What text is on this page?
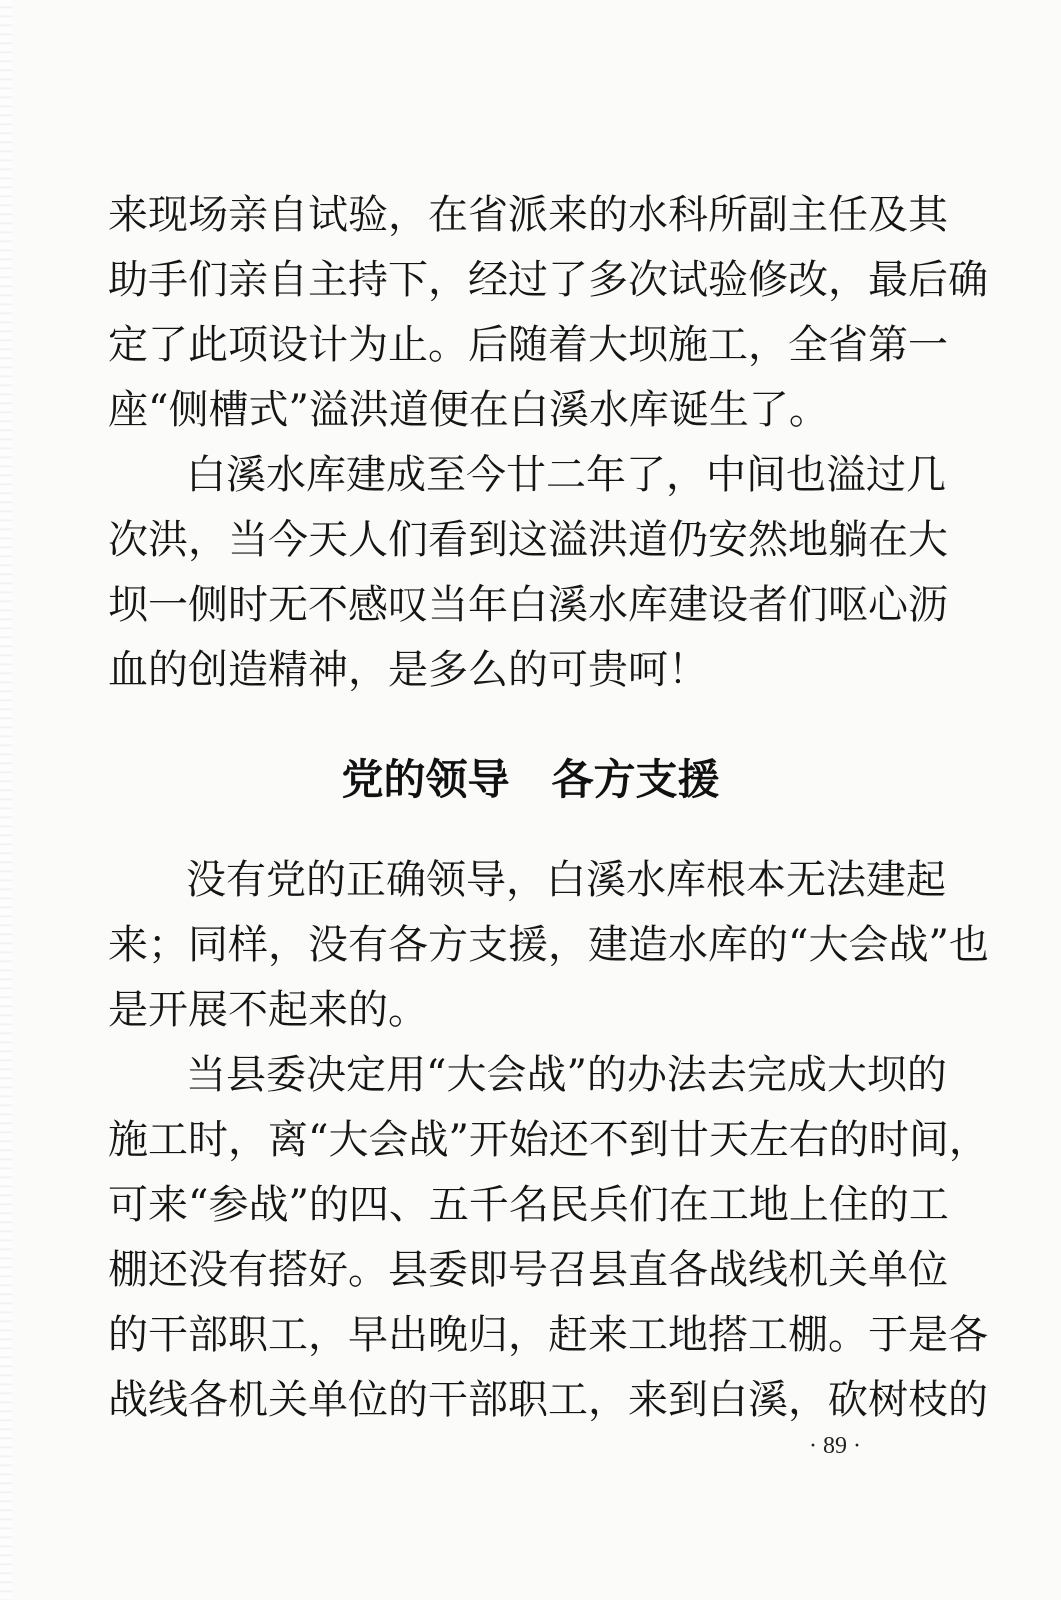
来现场亲自试验，在省派来的水科所副主任及其
助手们亲自主持下，经过了多次试验修改，最后确
定了此项设计为止。后随着大坝施工，全省第一
座“侧槽式”溢洪道便在白溪水库诞生了。
白溪水库建成至今廿二年了，中间也溢过几
次洪，当今天人们看到这溢洪道仍安然地躺在大
坝一侧时无不感叹当年白溪水库建设者们呕心沥
血的创造精神，是多么的可贵呵！
党的领导　各方支援
没有党的正确领导，白溪水库根本无法建起
来；同样，没有各方支援，建造水库的“大会战”也
是开展不起来的。
当县委决定用“大会战”的办法去完成大坝的
施工时，离“大会战”开始还不到廿天左右的时间，
可来“参战”的四、五千名民兵们在工地上住的工
棚还没有搭好。县委即号召县直各战线机关单位
的干部职工，早出晚归，赶来工地搭工棚。于是各
战线各机关单位的干部职工，来到白溪，砍树枝的
· 89 ·
